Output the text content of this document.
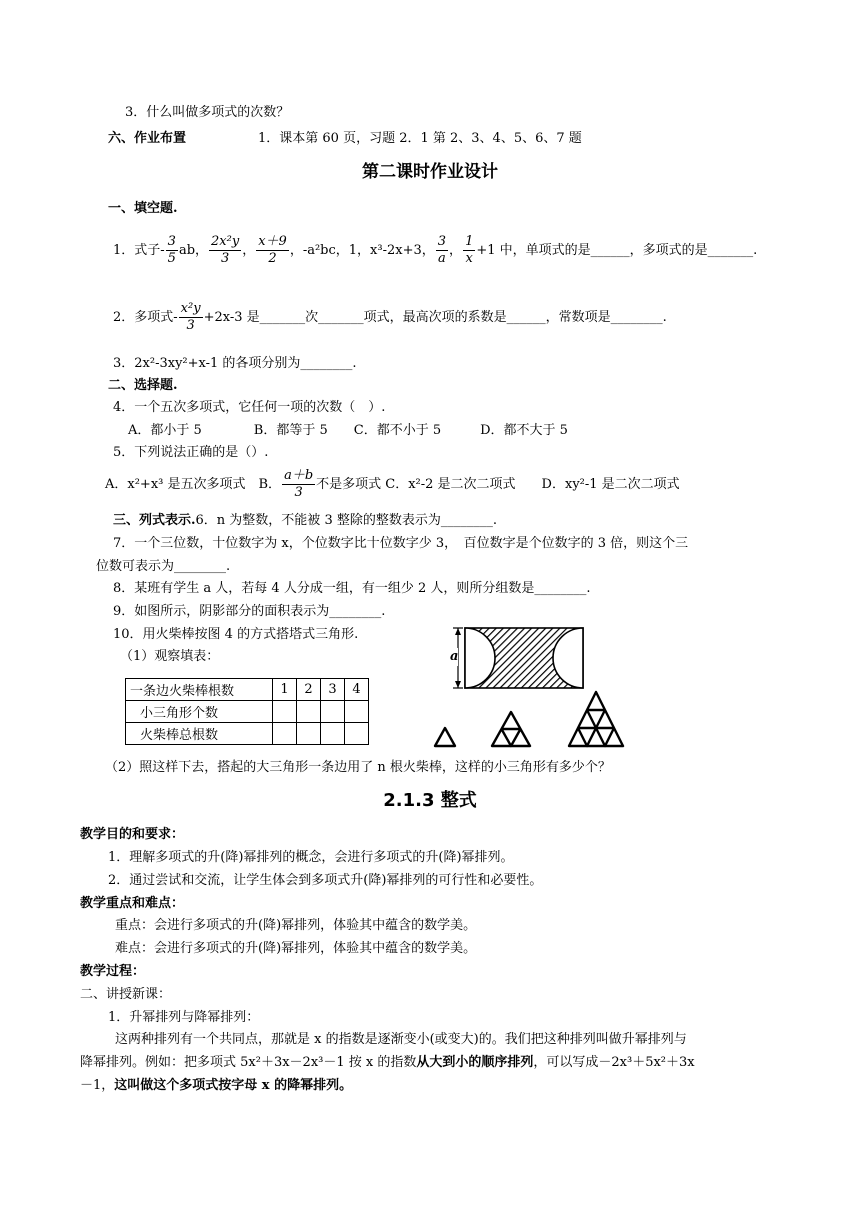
3．什么叫做多项式的次数？
六、作业布置	1．课本第 60 页，习题 2．1 第 2、3、4、5、6、7 题
第二课时作业设计
一、填空题.
1．式子- $\frac{3}{5}$ ab， $\frac{\text{2x²y}}{3}$ ， $\frac{x+9}{2}$ ，-a²bc，1，x³-2x+3， $\frac{3}{a}$ ， $\frac{1}{x} +1$ 中，单项式的是______，多项式的是_______.
2．多项式- $\frac{\text{x²y}}{3} +2x-3$ 是_______次_______项式，最高次项的系数是______，常数项是________.
3．2x²-3xy²+x-1 的各项分别为________.
二、选择题.
4．一个五次多项式，它任何一项的次数（　）.
A．都小于 5　　　　B．都等于 5　　C．都不小于 5　　　D．都不大于 5
5．下列说法正确的是（）.
A．x²+x³ 是五次多项式　B． $\frac{a+b}{3}$ 不是多项式 C．x²-2 是二次二项式　　D．xy²-1 是二次二项式
三、列式表示.6．n 为整数，不能被 3 整除的整数表示为________.
7．一个三位数，十位数字为 x，个位数字比十位数字少 3，　百位数字是个位数字的 3 倍，则这个三
位数可表示为________.
8．某班有学生 a 人，若每 4 人分成一组，有一组少 2 人，则所分组数是________.
9．如图所示，阴影部分的面积表示为________.
10．用火柴棒按图 4 的方式搭塔式三角形.
（1）观察填表：
一条边火柴棒根数	1	2	3	4
小三角形个数				
火柴棒总根数				
a
（2）照这样下去，搭起的大三角形一条边用了 n 根火柴棒，这样的小三角形有多少个？
2.1.3 整式
教学目的和要求：
1．理解多项式的升(降)幂排列的概念，会进行多项式的升(降)幂排列。
2．通过尝试和交流，让学生体会到多项式升(降)幂排列的可行性和必要性。
教学重点和难点：
重点：会进行多项式的升(降)幂排列，体验其中蕴含的数学美。
难点：会进行多项式的升(降)幂排列，体验其中蕴含的数学美。
教学过程：
二、讲授新课：
1．升幂排列与降幂排列：
这两种排列有一个共同点，那就是 x 的指数是逐渐变小(或变大)的。我们把这种排列叫做升幂排列与
降幂排列。例如：把多项式 5x²＋3x－2x³－1 按 x 的指数从大到小的顺序排列，可以写成－2x³＋5x²＋3x
－1，这叫做这个多项式按字母 x 的降幂排列。
